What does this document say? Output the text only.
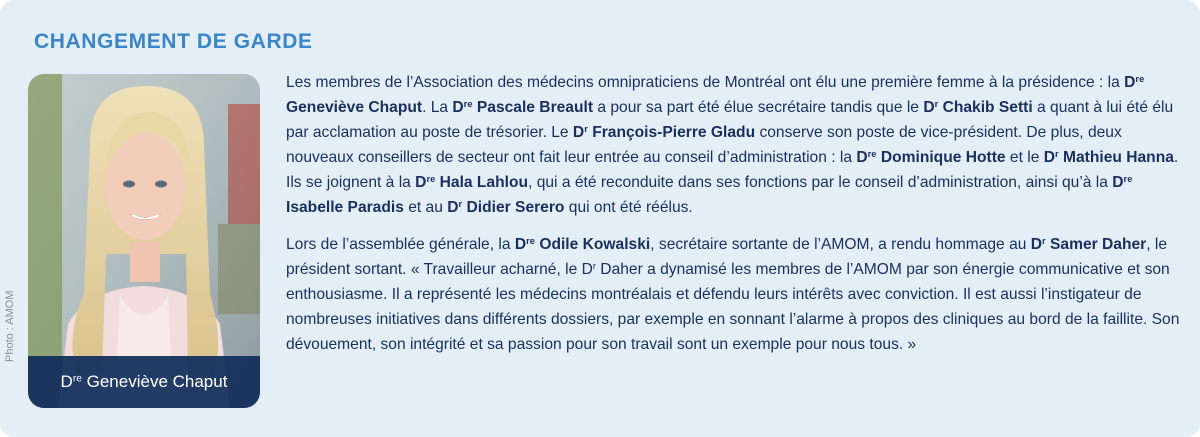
CHANGEMENT DE GARDE
Photo : AMOM
Dre Geneviève Chaput

Les membres de l’Association des médecins omnipraticiens de Montréal ont élu une première femme à la présidence : la Dre Geneviève Chaput. La Dre Pascale Breault a pour sa part été élue secrétaire tandis que le $D^r$ Chakib Setti a quant à lui été élu par acclamation au poste de trésorier. Le $D^r$ François-Pierre Gladu conserve son poste de vice-président. De plus, deux nouveaux conseillers de secteur ont fait leur entrée au conseil d’administration : la Dre Dominique Hotte et le $D^r$ Mathieu Hanna. Ils se joignent à la Dre Hala Lahlou, qui a été reconduite dans ses fonctions par le conseil d’administration, ainsi qu’à la Dre Isabelle Paradis et au $D^r$ Didier Serero qui ont été réélus.

Lors de l’assemblée générale, la Dre Odile Kowalski, secrétaire sortante de l’AMOM, a rendu hommage au $D^r$ Samer Daher, le président sortant. « Travailleur acharné, le $D^r$ Daher a dynamisé les membres de l’AMOM par son énergie communicative et son enthousiasme. Il a représenté les médecins montréalais et défendu leurs intérêts avec conviction. Il est aussi l’instigateur de nombreuses initiatives dans différents dossiers, par exemple en sonnant l’alarme à propos des cliniques au bord de la faillite. Son dévouement, son intégrité et sa passion pour son travail sont un exemple pour nous tous. »
